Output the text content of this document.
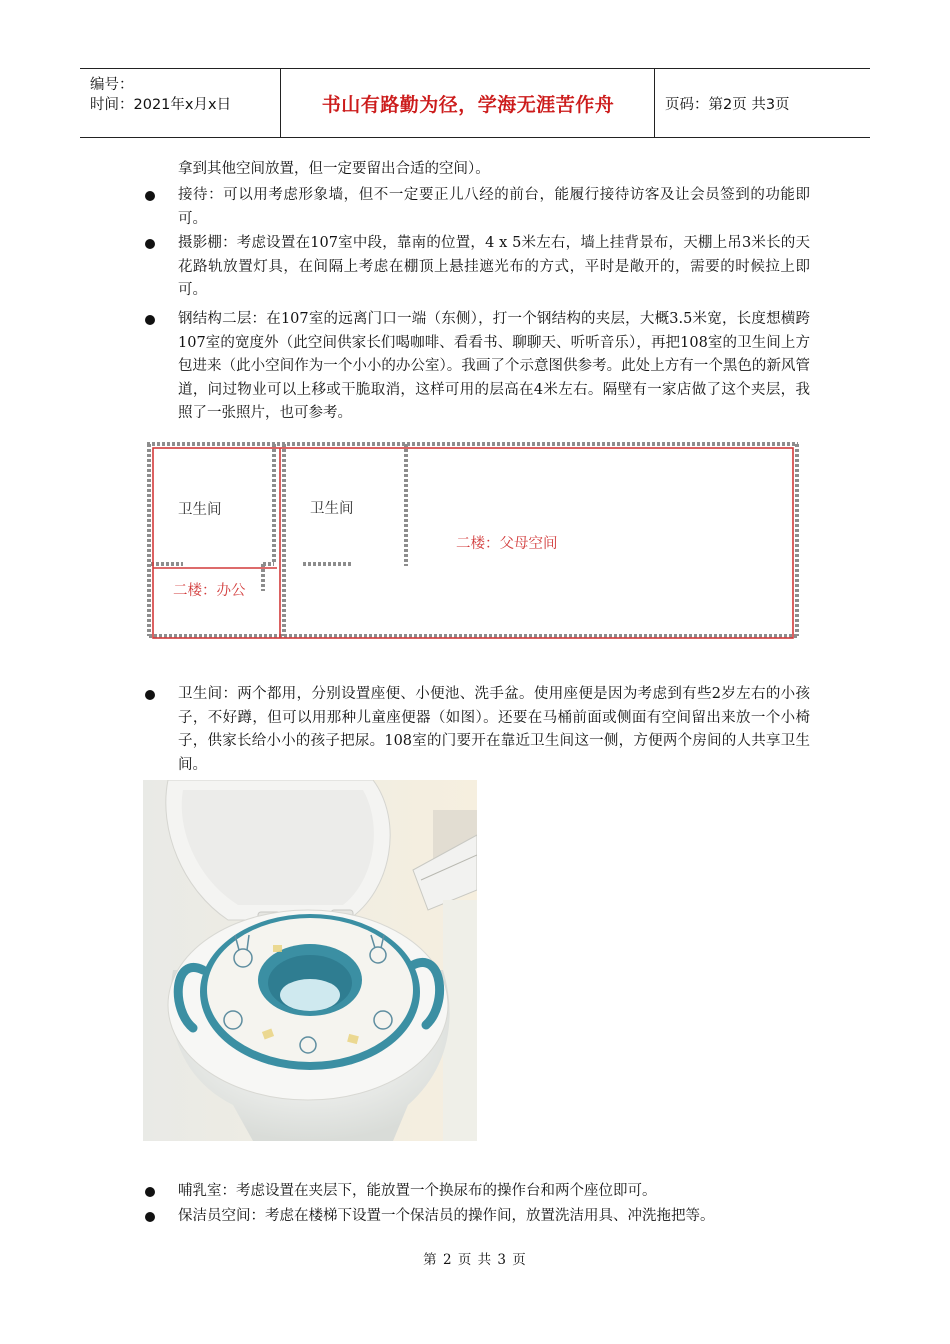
编号：
时间：2021年x月x日	书山有路勤为径，学海无涯苦作舟	页码：第2页 共3页
拿到其他空间放置，但一定要留出合适的空间）。
接待：可以用考虑形象墙，但不一定要正儿八经的前台，能履行接待访客及让会员签到的功能即可。
摄影棚：考虑设置在107室中段，靠南的位置，4 x 5米左右，墙上挂背景布，天棚上吊3米长的天花路轨放置灯具，在间隔上考虑在棚顶上悬挂遮光布的方式，平时是敞开的，需要的时候拉上即可。
钢结构二层：在107室的远离门口一端（东侧），打一个钢结构的夹层，大概3.5米宽，长度想横跨107室的宽度外（此空间供家长们喝咖啡、看看书、聊聊天、听听音乐），再把108室的卫生间上方包进来（此小空间作为一个小小的办公室）。我画了个示意图供参考。此处上方有一个黑色的新风管道，问过物业可以上移或干脆取消，这样可用的层高在4米左右。隔壁有一家店做了这个夹层，我照了一张照片，也可参考。
卫生间	卫生间
二楼：办公
二楼：父母空间
卫生间：两个都用，分别设置座便、小便池、洗手盆。使用座便是因为考虑到有些2岁左右的小孩子，不好蹲，但可以用那种儿童座便器（如图）。还要在马桶前面或侧面有空间留出来放一个小椅子，供家长给小小的孩子把尿。108室的门要开在靠近卫生间这一侧，方便两个房间的人共享卫生间。
哺乳室：考虑设置在夹层下，能放置一个换尿布的操作台和两个座位即可。
保洁员空间：考虑在楼梯下设置一个保洁员的操作间，放置洗洁用具、冲洗拖把等。
第 2 页 共 3 页
